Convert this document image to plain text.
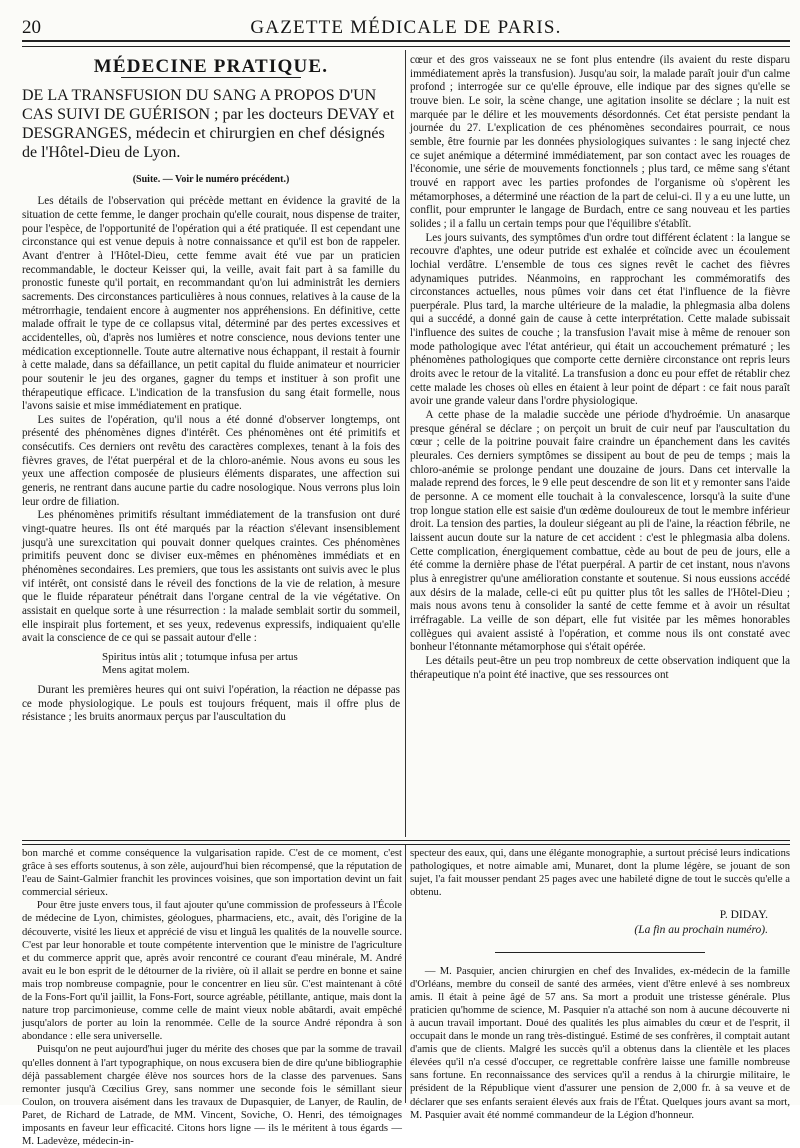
20	GAZETTE MÉDICALE DE PARIS.

MÉDECINE PRATIQUE.

DE LA TRANSFUSION DU SANG A PROPOS D'UN CAS SUIVI DE GUÉRISON ; par les docteurs DEVAY et DESGRANGES, médecin et chirurgien en chef désignés de l'Hôtel-Dieu de Lyon.

(Suite. — Voir le numéro précédent.)

Les détails de l'observation qui précède mettant en évidence la gravité de la situation de cette femme, le danger prochain qu'elle courait, nous dispense de traiter, pour l'espèce, de l'opportunité de l'opération qui a été pratiquée. Il est cependant une circonstance qui est venue depuis à notre connaissance et qu'il est bon de rappeler. Avant d'entrer à l'Hôtel-Dieu, cette femme avait été vue par un praticien recommandable, le docteur Keisser qui, la veille, avait fait part à sa famille du pronostic funeste qu'il portait, en recommandant qu'on lui administrât les derniers sacrements. Des circonstances particulières à nous connues, relatives à la cause de la métrorrhagie, tendaient encore à augmenter nos appréhensions. En définitive, cette malade offrait le type de ce collapsus vital, déterminé par des pertes excessives et accidentelles, où, d'après nos lumières et notre conscience, nous devions tenter une médication exceptionnelle. Toute autre alternative nous échappant, il restait à fournir à cette malade, dans sa défaillance, un petit capital du fluide animateur et nourricier pour soutenir le jeu des organes, gagner du temps et instituer à son profit une thérapeutique efficace. L'indication de la transfusion du sang était formelle, nous l'avons saisie et mise immédiatement en pratique.

Les suites de l'opération, qu'il nous a été donné d'observer longtemps, ont présenté des phénomènes dignes d'intérêt. Ces phénomènes ont été primitifs et consécutifs. Ces derniers ont revêtu des caractères complexes, tenant à la fois des fièvres graves, de l'état puerpéral et de la chloro-anémie. Nous avons eu sous les yeux une affection composée de plusieurs éléments disparates, une affection sui generis, ne rentrant dans aucune partie du cadre nosologique. Nous verrons plus loin leur ordre de filiation.

Les phénomènes primitifs résultant immédiatement de la transfusion ont duré vingt-quatre heures. Ils ont été marqués par la réaction s'élevant insensiblement jusqu'à une surexcitation qui pouvait donner quelques craintes. Ces phénomènes primitifs peuvent donc se diviser eux-mêmes en phénomènes immédiats et en phénomènes secondaires. Les premiers, que tous les assistants ont suivis avec le plus vif intérêt, ont consisté dans le réveil des fonctions de la vie de relation, à mesure que le fluide réparateur pénétrait dans l'organe central de la vie végétative. On assistait en quelque sorte à une résurrection : la malade semblait sortir du sommeil, elle inspirait plus fortement, et ses yeux, redevenus expressifs, indiquaient qu'elle avait la conscience de ce qui se passait autour d'elle :

Spiritus intùs alit ; totumque infusa per artus
Mens agitat molem.

Durant les premières heures qui ont suivi l'opération, la réaction ne dépasse pas ce mode physiologique. Le pouls est toujours fréquent, mais il offre plus de résistance ; les bruits anormaux perçus par l'auscultation du

cœur et des gros vaisseaux ne se font plus entendre (ils avaient du reste disparu immédiatement après la transfusion). Jusqu'au soir, la malade paraît jouir d'un calme profond ; interrogée sur ce qu'elle éprouve, elle indique par des signes qu'elle se trouve bien. Le soir, la scène change, une agitation insolite se déclare ; la nuit est marquée par le délire et les mouvements désordonnés. Cet état persiste pendant la journée du 27. L'explication de ces phénomènes secondaires pourrait, ce nous semble, être fournie par les données physiologiques suivantes : le sang injecté chez ce sujet anémique a déterminé immédiatement, par son contact avec les rouages de l'économie, une série de mouvements fonctionnels ; plus tard, ce même sang s'étant trouvé en rapport avec les parties profondes de l'organisme où s'opèrent les métamorphoses, a déterminé une réaction de la part de celui-ci. Il y a eu une lutte, un conflit, pour emprunter le langage de Burdach, entre ce sang nouveau et les parties solides ; il a fallu un certain temps pour que l'équilibre s'établît.

Les jours suivants, des symptômes d'un ordre tout différent éclatent : la langue se recouvre d'aphtes, une odeur putride est exhalée et coïncide avec un écoulement lochial verdâtre. L'ensemble de tous ces signes revêt le cachet des fièvres adynamiques putrides. Néanmoins, en rapprochant les commémoratifs des circonstances actuelles, nous pûmes voir dans cet état l'influence de la fièvre puerpérale. Plus tard, la marche ultérieure de la maladie, la phlegmasia alba dolens qui a succédé, a donné gain de cause à cette interprétation. Cette malade subissait l'influence des suites de couche ; la transfusion l'avait mise à même de renouer son mode pathologique avec l'état antérieur, qui était un accouchement prématuré ; les phénomènes pathologiques que comporte cette dernière circonstance ont repris leurs droits avec le retour de la vitalité. La transfusion a donc eu pour effet de rétablir chez cette malade les choses où elles en étaient à leur point de départ : ce fait nous paraît avoir une grande valeur dans l'ordre physiologique.

A cette phase de la maladie succède une période d'hydroémie. Un anasarque presque général se déclare ; on perçoit un bruit de cuir neuf par l'auscultation du cœur ; celle de la poitrine pouvait faire craindre un épanchement dans les cavités pleurales. Ces derniers symptômes se dissipent au bout de peu de temps ; mais la chloro-anémie se prolonge pendant une douzaine de jours. Dans cet intervalle la malade reprend des forces, le 9 elle peut descendre de son lit et y remonter sans l'aide de personne. A ce moment elle touchait à la convalescence, lorsqu'à la suite d'une trop longue station elle est saisie d'un œdème douloureux de tout le membre inférieur droit. La tension des parties, la douleur siégeant au pli de l'aine, la réaction fébrile, ne laissent aucun doute sur la nature de cet accident : c'est le phlegmasia alba dolens. Cette complication, énergiquement combattue, cède au bout de peu de jours, elle a été comme la dernière phase de l'état puerpéral. A partir de cet instant, nous n'avons plus à enregistrer qu'une amélioration constante et soutenue. Si nous eussions accédé aux désirs de la malade, celle-ci eût pu quitter plus tôt les salles de l'Hôtel-Dieu ; mais nous avons tenu à consolider la santé de cette femme et à avoir un résultat irréfragable. La veille de son départ, elle fut visitée par les mêmes honorables collègues qui avaient assisté à l'opération, et comme nous ils ont constaté avec bonheur l'étonnante métamorphose qui s'était opérée.

Les détails peut-être un peu trop nombreux de cette observation indiquent que la thérapeutique n'a point été inactive, que ses ressources ont

bon marché et comme conséquence la vulgarisation rapide. C'est de ce moment, c'est grâce à ses efforts soutenus, à son zèle, aujourd'hui bien récompensé, que la réputation de l'eau de Saint-Galmier franchit les provinces voisines, que son importation devint un fait commercial sérieux.

Pour être juste envers tous, il faut ajouter qu'une commission de professeurs à l'École de médecine de Lyon, chimistes, géologues, pharmaciens, etc., avait, dès l'origine de la découverte, visité les lieux et apprécié de visu et linguâ les qualités de la nouvelle source. C'est par leur honorable et toute compétente intervention que le ministre de l'agriculture et du commerce apprit que, après avoir rencontré ce courant d'eau minérale, M. André avait eu le bon esprit de le détourner de la rivière, où il allait se perdre en bonne et saine mais trop nombreuse compagnie, pour le concentrer en lieu sûr. C'est maintenant à côté de la Fons-Fort qu'il jaillit, la Fons-Fort, source agréable, pétillante, antique, mais dont la nature trop parcimonieuse, comme celle de maint vieux noble abâtardi, avait empêché jusqu'alors de porter au loin la renommée. Celle de la source André répondra à son abondance : elle sera universelle.

Puisqu'on ne peut aujourd'hui juger du mérite des choses que par la somme de travail qu'elles donnent à l'art typographique, on nous excusera bien de dire qu'une bibliographie déjà passablement chargée élève nos sources hors de la classe des parvenues. Sans remonter jusqu'à Cœcilius Grey, sans nommer une seconde fois le sémillant sieur Coulon, on trouvera aisément dans les travaux de Dupasquier, de Lanyer, de Raulin, de Paret, de Richard de Latrade, de MM. Vincent, Soviche, O. Henri, des témoignages imposants en faveur leur efficacité. Citons hors ligne — ils le méritent à tous égards — M. Ladevèze, médecin-in-

specteur des eaux, qui, dans une élégante monographie, a surtout précisé leurs indications pathologiques, et notre aimable ami, Munaret, dont la plume légère, se jouant de son sujet, l'a fait mousser pendant 25 pages avec une habileté digne de tout le succès qu'elle a obtenu.

P. DIDAY.
(La fin au prochain numéro).

— M. Pasquier, ancien chirurgien en chef des Invalides, ex-médecin de la famille d'Orléans, membre du conseil de santé des armées, vient d'être enlevé à ses nombreux amis. Il était à peine âgé de 57 ans. Sa mort a produit une tristesse générale. Plus praticien qu'homme de science, M. Pasquier n'a attaché son nom à aucune découverte ni à aucun travail important. Doué des qualités les plus aimables du cœur et de l'esprit, il occupait dans le monde un rang très-distingué. Estimé de ses confrères, il comptait autant d'amis que de clients. Malgré les succès qu'il a obtenus dans la clientèle et les places élevées qu'il n'a cessé d'occuper, ce regrettable confrère laisse une famille nombreuse sans fortune. En reconnaissance des services qu'il a rendus à la chirurgie militaire, le président de la République vient d'assurer une pension de 2,000 fr. à sa veuve et de déclarer que ses enfants seraient élevés aux frais de l'État. Quelques jours avant sa mort, M. Pasquier avait été nommé commandeur de la Légion d'honneur.
